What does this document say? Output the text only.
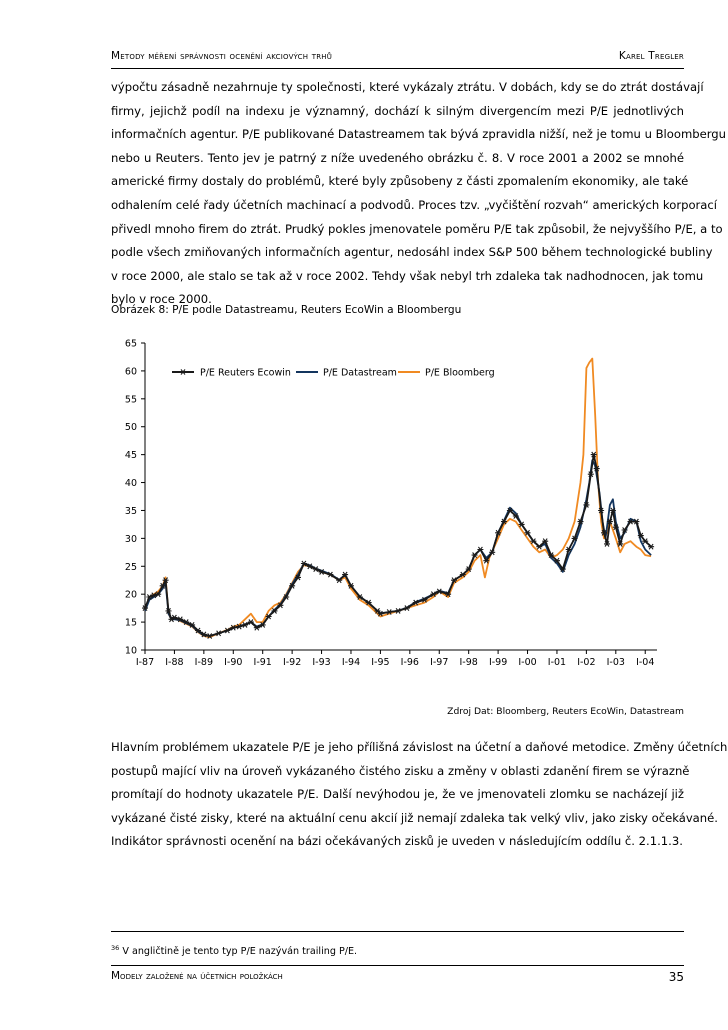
Metody měření správnosti ocenění akciových trhů	Karel Tregler
výpočtu zásadně nezahrnuje ty společnosti, které vykázaly ztrátu. V dobách, kdy se do ztrát dostávají
firmy, jejichž podíl na indexu je významný, dochází k silným divergencím mezi P/E jednotlivých
informačních agentur. P/E publikované Datastreamem tak bývá zpravidla nižší, než je tomu u Bloombergu
nebo u Reuters. Tento jev je patrný z níže uvedeného obrázku č. 8. V roce 2001 a 2002 se mnohé
americké firmy dostaly do problémů, které byly způsobeny z části zpomalením ekonomiky, ale také
odhalením celé řady účetních machinací a podvodů. Proces tzv. „vyčištění rozvah“ amerických korporací
přivedl mnoho firem do ztrát. Prudký pokles jmenovatele poměru P/E tak způsobil, že nejvyššího P/E, a to
podle všech zmiňovaných informačních agentur, nedosáhl index S&P 500 během technologické bubliny
v roce 2000, ale stalo se tak až v roce 2002. Tehdy však nebyl trh zdaleka tak nadhodnocen, jak tomu
bylo v roce 2000.
Obrázek 8: P/E podle Datastreamu, Reuters EcoWin a Bloombergu
10
15
20
25
30
35
40
45
50
55
60
65
I-87 I-88 I-89 I-90 I-91 I-92 I-93 I-94 I-95 I-96 I-97 I-98 I-99 I-00 I-01 I-02 I-03 I-04
P/E Reuters Ecowin	P/E Datastream	P/E Bloomberg
Zdroj Dat: Bloomberg, Reuters EcoWin, Datastream
Hlavním problémem ukazatele P/E je jeho přílišná závislost na účetní a daňové metodice. Změny účetních
postupů mající vliv na úroveň vykázaného čistého zisku a změny v oblasti zdanění firem se výrazně
promítají do hodnoty ukazatele P/E. Další nevýhodou je, že ve jmenovateli zlomku se nacházejí již
vykázané čisté zisky, které na aktuální cenu akcií již nemají zdaleka tak velký vliv, jako zisky očekávané.
Indikátor správnosti ocenění na bázi očekávaných zisků je uveden v následujícím oddílu č. 2.1.1.3.
$^{36}$ V angličtině je tento typ P/E nazýván trailing P/E.
Modely založené na účetních položkách	35
